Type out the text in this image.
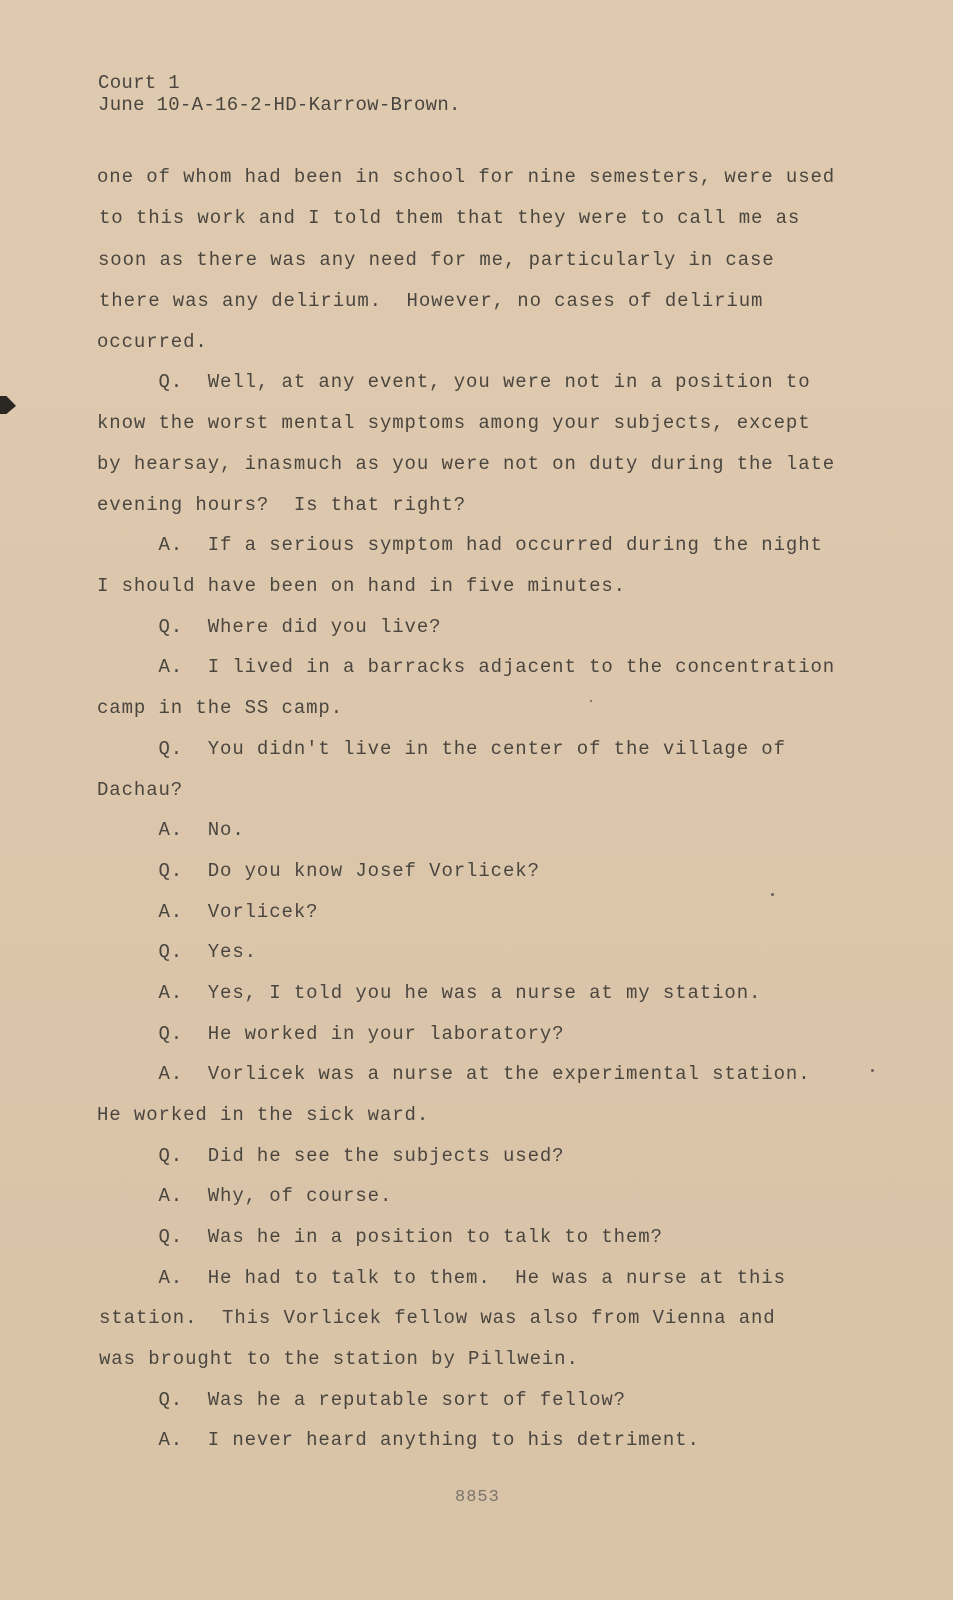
Court 1
June 10-A-16-2-HD-Karrow-Brown.
one of whom had been in school for nine semesters, were used
to this work and I told them that they were to call me as
soon as there was any need for me, particularly in case
there was any delirium.  However, no cases of delirium
occurred.
Q.  Well, at any event, you were not in a position to
know the worst mental symptoms among your subjects, except
by hearsay, inasmuch as you were not on duty during the late
evening hours?  Is that right?
A.  If a serious symptom had occurred during the night
I should have been on hand in five minutes.
Q.  Where did you live?
A.  I lived in a barracks adjacent to the concentration
camp in the SS camp.
Q.  You didn't live in the center of the village of
Dachau?
A.  No.
Q.  Do you know Josef Vorlicek?
A.  Vorlicek?
Q.  Yes.
A.  Yes, I told you he was a nurse at my station.
Q.  He worked in your laboratory?
A.  Vorlicek was a nurse at the experimental station.
He worked in the sick ward.
Q.  Did he see the subjects used?
A.  Why, of course.
Q.  Was he in a position to talk to them?
A.  He had to talk to them.  He was a nurse at this
station.  This Vorlicek fellow was also from Vienna and
was brought to the station by Pillwein.
Q.  Was he a reputable sort of fellow?
A.  I never heard anything to his detriment.
8853
